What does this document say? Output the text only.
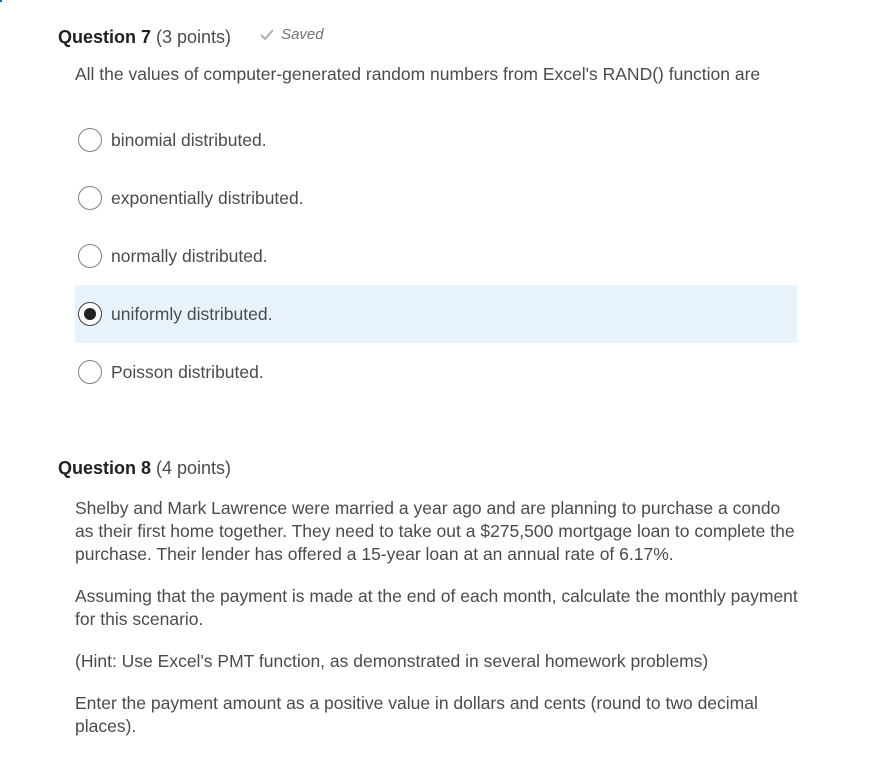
Question 7 (3 points)	Saved
All the values of computer-generated random numbers from Excel's RAND() function are
binomial distributed.
exponentially distributed.
normally distributed.
uniformly distributed.
Poisson distributed.
Question 8 (4 points)
Shelby and Mark Lawrence were married a year ago and are planning to purchase a condo as their first home together. They need to take out a $275,500 mortgage loan to complete the purchase. Their lender has offered a 15-year loan at an annual rate of 6.17%.
Assuming that the payment is made at the end of each month, calculate the monthly payment for this scenario.
(Hint: Use Excel's PMT function, as demonstrated in several homework problems)
Enter the payment amount as a positive value in dollars and cents (round to two decimal places).
